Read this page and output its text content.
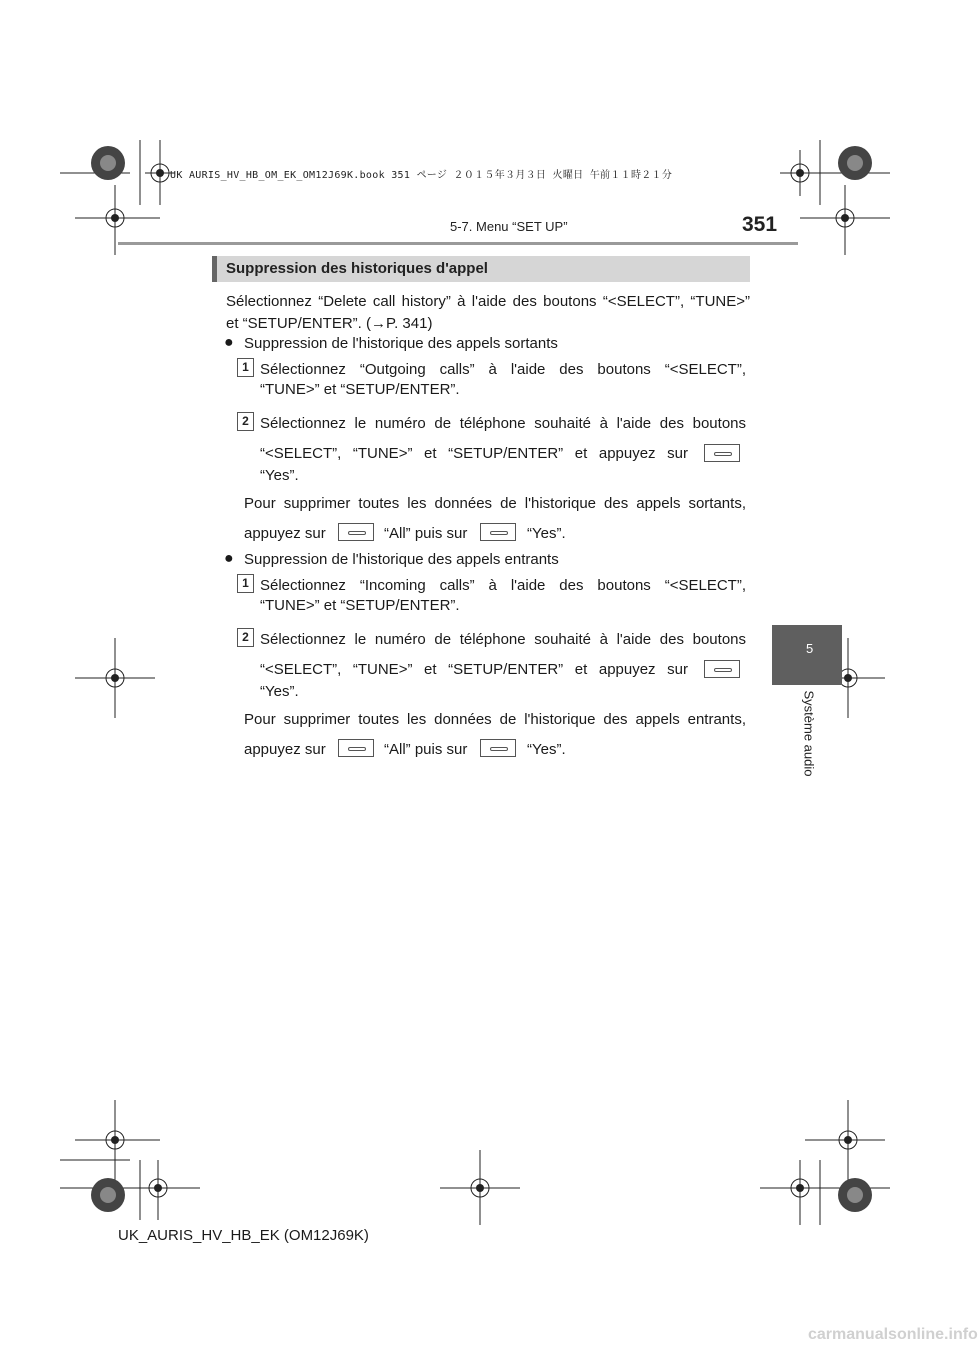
UK AURIS_HV_HB_OM_EK_OM12J69K.book 351 ページ ２０１５年３月３日 火曜日 午前１１時２１分
5-7. Menu “SET UP”	351
Suppression des historiques d'appel
Sélectionnez “Delete call history” à l'aide des boutons “<SELECT”, “TUNE>”
et “SETUP/ENTER”. (→P. 341)
● Suppression de l'historique des appels sortants
1 Sélectionnez “Outgoing calls” à l'aide des boutons “<SELECT”,
“TUNE>” et “SETUP/ENTER”.
2 Sélectionnez le numéro de téléphone souhaité à l'aide des boutons
“<SELECT”, “TUNE>” et “SETUP/ENTER” et appuyez sur
“Yes”.
Pour supprimer toutes les données de l'historique des appels sortants,
appuyez sur	“All” puis sur	“Yes”.
● Suppression de l'historique des appels entrants
1 Sélectionnez “Incoming calls” à l'aide des boutons “<SELECT”,
“TUNE>” et “SETUP/ENTER”.
2 Sélectionnez le numéro de téléphone souhaité à l'aide des boutons
“<SELECT”, “TUNE>” et “SETUP/ENTER” et appuyez sur
“Yes”.
Pour supprimer toutes les données de l'historique des appels entrants,
appuyez sur	“All” puis sur	“Yes”.
5
Système audio
UK_AURIS_HV_HB_EK (OM12J69K)
carmanualsonline.info
